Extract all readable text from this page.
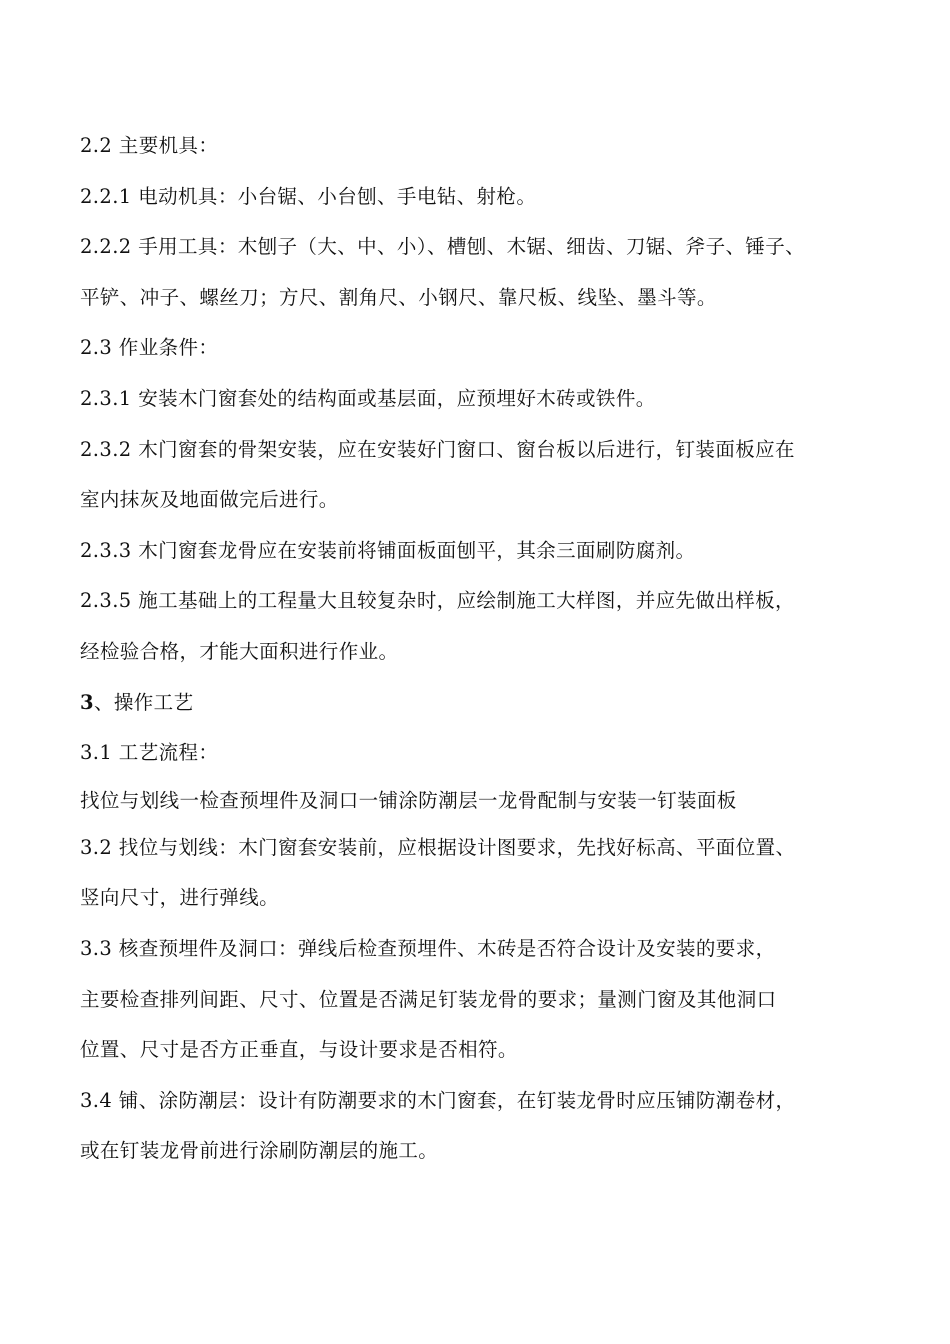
2.2 主要机具：
2.2.1 电动机具：小台锯、小台刨、手电钻、射枪。
2.2.2 手用工具：木刨子（大、中、小）、槽刨、木锯、细齿、刀锯、斧子、锤子、
平铲、冲子、螺丝刀；方尺、割角尺、小钢尺、靠尺板、线坠、墨斗等。
2.3 作业条件：
2.3.1 安装木门窗套处的结构面或基层面，应预埋好木砖或铁件。
2.3.2 木门窗套的骨架安装，应在安装好门窗口、窗台板以后进行，钉装面板应在
室内抹灰及地面做完后进行。
2.3.3 木门窗套龙骨应在安装前将铺面板面刨平，其余三面刷防腐剂。
2.3.5 施工基础上的工程量大且较复杂时，应绘制施工大样图，并应先做出样板，
经检验合格，才能大面积进行作业。
3、操作工艺
3.1 工艺流程：
找位与划线一检查预埋件及洞口一铺涂防潮层一龙骨配制与安装一钉装面板
3.2 找位与划线：木门窗套安装前，应根据设计图要求，先找好标高、平面位置、
竖向尺寸，进行弹线。
3.3 核查预埋件及洞口：弹线后检查预埋件、木砖是否符合设计及安装的要求，
主要检查排列间距、尺寸、位置是否满足钉装龙骨的要求；量测门窗及其他洞口
位置、尺寸是否方正垂直，与设计要求是否相符。
3.4 铺、涂防潮层：设计有防潮要求的木门窗套，在钉装龙骨时应压铺防潮卷材，
或在钉装龙骨前进行涂刷防潮层的施工。
